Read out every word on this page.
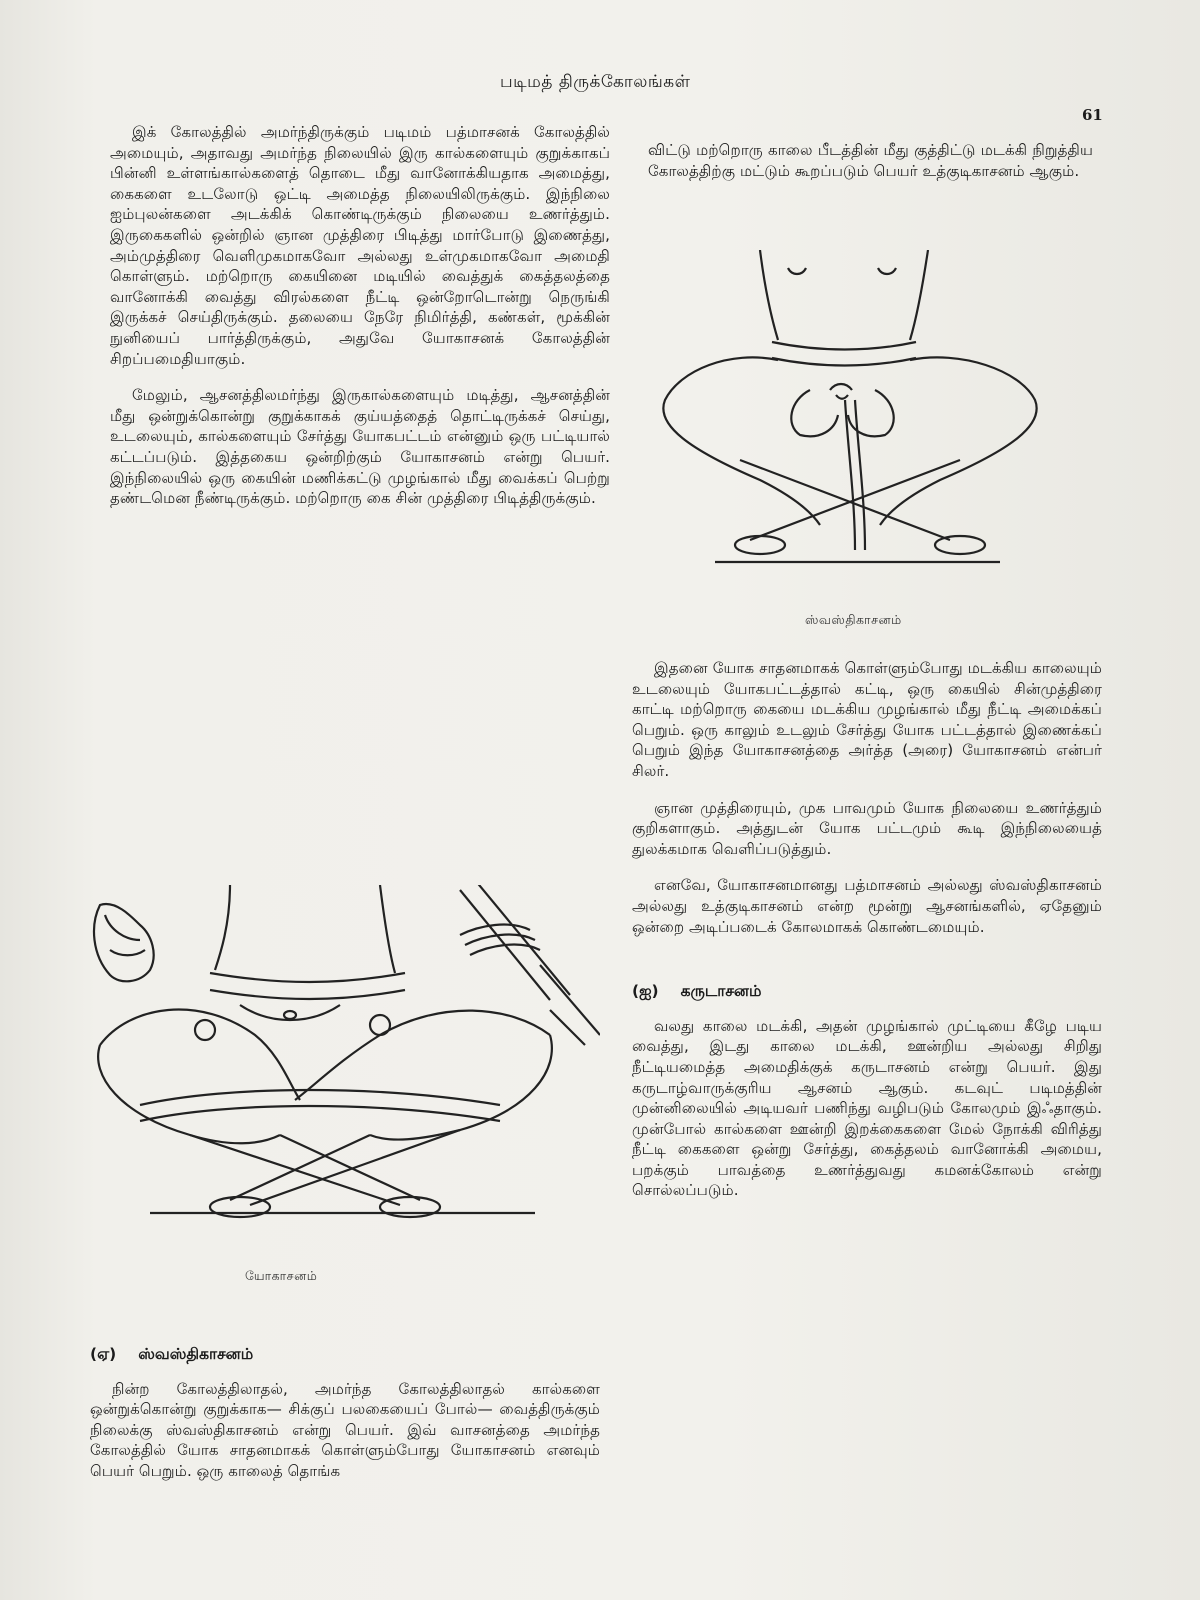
படிமத் திருக்கோலங்கள்
61

இக் கோலத்தில் அமர்ந்திருக்கும் படிமம் பத்மாசனக் கோலத்தில் அமையும், அதாவது அமர்ந்த நிலையில் இரு கால்களையும் குறுக்காகப் பின்னி உள்ளங்கால்களைத் தொடை மீது வானோக்கியதாக அமைத்து, கைகளை உடலோடு ஒட்டி அமைத்த நிலையிலிருக்கும். இந்நிலை ஐம்புலன்களை அடக்கிக் கொண்டிருக்கும் நிலையை உணர்த்தும். இருகைகளில் ஒன்றில் ஞான முத்திரை பிடித்து மார்போடு இணைத்து, அம்முத்திரை வெளிமுகமாகவோ அல்லது உள்முகமாகவோ அமைதி கொள்ளும். மற்றொரு கையினை மடியில் வைத்துக் கைத்தலத்தை வானோக்கி வைத்து விரல்களை நீட்டி ஒன்றோடொன்று நெருங்கி இருக்கச் செய்திருக்கும். தலையை நேரே நிமிர்த்தி, கண்கள், மூக்கின் நுனியைப் பார்த்திருக்கும், அதுவே யோகாசனக் கோலத்தின் சிறப்பமைதியாகும்.

மேலும், ஆசனத்திலமர்ந்து இருகால்களையும் மடித்து, ஆசனத்தின் மீது ஒன்றுக்கொன்று குறுக்காகக் குய்யத்தைத் தொட்டிருக்கச் செய்து, உடலையும், கால்களையும் சேர்த்து யோகபட்டம் என்னும் ஒரு பட்டியால் கட்டப்படும். இத்தகைய ஒன்றிற்கும் யோகாசனம் என்று பெயர். இந்நிலையில் ஒரு கையின் மணிக்கட்டு முழங்கால் மீது வைக்கப் பெற்று தண்டமென நீண்டிருக்கும். மற்றொரு கை சின் முத்திரை பிடித்திருக்கும்.

யோகாசனம்
(ஏ) ஸ்வஸ்திகாசனம்

நின்ற கோலத்திலாதல், அமர்ந்த கோலத்திலாதல் கால்களை ஒன்றுக்கொன்று குறுக்காக— சிக்குப் பலகையைப் போல்— வைத்திருக்கும் நிலைக்கு ஸ்வஸ்திகாசனம் என்று பெயர். இவ் வாசனத்தை அமர்ந்த கோலத்தில் யோக சாதனமாகக் கொள்ளும்போது யோகாசனம் எனவும் பெயர் பெறும். ஒரு காலைத் தொங்க

விட்டு மற்றொரு காலை பீடத்தின் மீது குத்திட்டு மடக்கி நிறுத்திய கோலத்திற்கு மட்டும் கூறப்படும் பெயர் உத்குடிகாசனம் ஆகும்.

ஸ்வஸ்திகாசனம்

இதனை யோக சாதனமாகக் கொள்ளும்போது மடக்கிய காலையும் உடலையும் யோகபட்டத்தால் கட்டி, ஒரு கையில் சின்முத்திரை காட்டி மற்றொரு கையை மடக்கிய முழங்கால் மீது நீட்டி அமைக்கப் பெறும். ஒரு காலும் உடலும் சேர்த்து யோக பட்டத்தால் இணைக்கப் பெறும் இந்த யோகாசனத்தை அர்த்த (அரை) யோகாசனம் என்பர் சிலர்.

ஞான முத்திரையும், முக பாவமும் யோக நிலையை உணர்த்தும் குறிகளாகும். அத்துடன் யோக பட்டமும் கூடி இந்நிலையைத் துலக்கமாக வெளிப்படுத்தும்.

எனவே, யோகாசனமானது பத்மாசனம் அல்லது ஸ்வஸ்திகாசனம் அல்லது உத்குடிகாசனம் என்ற மூன்று ஆசனங்களில், ஏதேனும் ஒன்றை அடிப்படைக் கோலமாகக் கொண்டமையும்.

(ஐ) கருடாசனம்

வலது காலை மடக்கி, அதன் முழங்கால் முட்டியை கீழே படிய வைத்து, இடது காலை மடக்கி, ஊன்றிய அல்லது சிறிது நீட்டியமைத்த அமைதிக்குக் கருடாசனம் என்று பெயர். இது கருடாழ்வாருக்குரிய ஆசனம் ஆகும். கடவுட் படிமத்தின் முன்னிலையில் அடியவர் பணிந்து வழிபடும் கோலமும் இஃதாகும். முன்போல் கால்களை ஊன்றி இறக்கைகளை மேல் நோக்கி விரித்து நீட்டி கைகளை ஒன்று சேர்த்து, கைத்தலம் வானோக்கி அமைய, பறக்கும் பாவத்தை உணர்த்துவது கமனக்கோலம் என்று சொல்லப்படும்.
